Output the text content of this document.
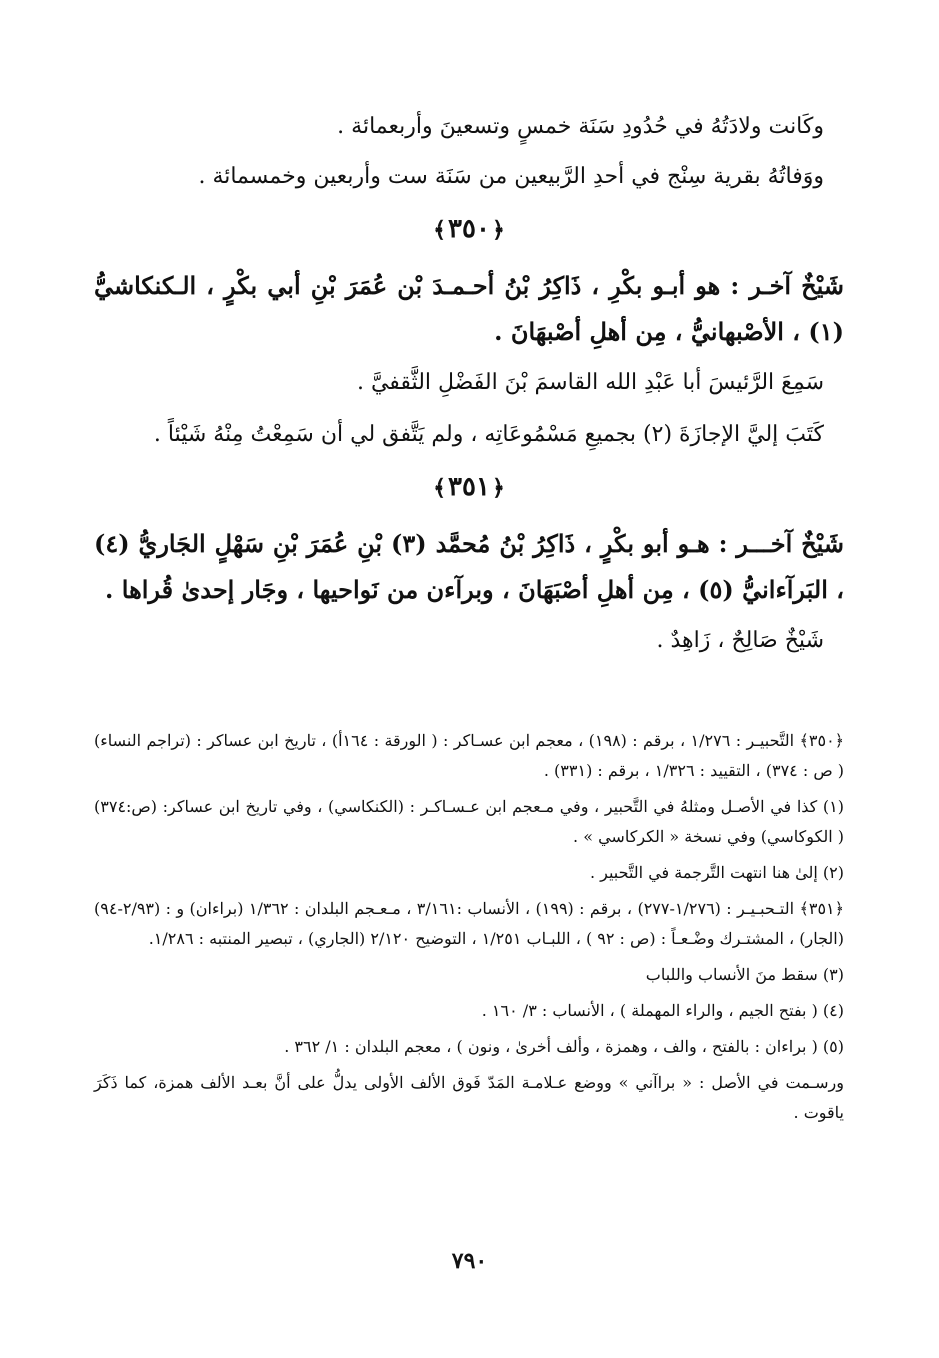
وكَانت ولادَتُهُ في حُدُودِ سَنَة خمسٍ وتسعينَ وأربعمائة .

ووَفاتُهُ بقرية سِنْج في أحدِ الرَّبيعين من سَنَة ست وأربعين وخمسمائة .

﴿٣٥٠﴾

شَيْخٌ آخـر : هو أبـو بكْرِ ، ذَاكِرُ بْنُ أحـمـدَ بْن عُمَرَ بْنِ أبي بكْرٍ ، الـكنكاشيُّ (١) ، الأصْبهانيُّ ، مِن أهلِ أصْبهَانَ .

سَمِعَ الرَّئيسَ أبا عَبْدِ الله القاسمَ بْنَ الفَضْلِ الثَّقفيَّ .

كَتَبَ إليَّ الإجازَةَ (٢) بجميعِ مَسْمُوعَاتِه ، ولم يَتَّفق لي أن سَمِعْتُ مِنْهُ شَيْئاً .

﴿٣٥١﴾

شَيْخٌ آخـــر : هـو أبو بكْرٍ ، ذَاكِرُ بْنُ مُحمَّد (٣) بْنِ عُمَرَ بْنِ سَهْلٍ الجَاريُّ (٤) ، البَرآءانيُّ (٥) ، مِن أهلِ أصْبَهَانَ ، وبرآءن من نَواحيها ، وجَار إحدىٰ قُراها .

شَيْخٌ صَالِحٌ ، زَاهِدٌ .

﴿٣٥٠﴾ التَّحبيـر : ١/٢٧٦ ، برقم : (١٩٨) ، معجم ابن عسـاكر : ( الورقة : ١٦٤أ) ، تاريخ ابن عساكر : (تراجم النساء) ( ص : ٣٧٤) ، التقييد : ١/٣٢٦ ، برقم : (٣٣١) .

(١) كذا في الأصـل ومثلهُ في التَّحبير ، وفي مـعجم ابن عـسـاكـر : (الكنكاسي) ، وفي تاريخ ابن عساكر: (ص:٣٧٤) ( الكوكاسي) وفي نسخة « الكركاسي » .

(٢) إلىٰ هنا انتهت التَّرجمة في التَّحبير .

﴿٣٥١﴾ التـحبـيـر : (١/٢٧٦-٢٧٧) ، برقم : (١٩٩) ، الأنساب :٣/١٦١ ، مـعـجم البلدان : ١/٣٦٢ (براءان) و : (٢/٩٣-٩٤) (الجار) ، المشتـرك وضْـعـاً : (ص : ٩٢ ) ، اللبـاب ١/٢٥١ ، التوضيح ٢/١٢٠ (الجاري) ، تبصير المنتبه : ١/٢٨٦.

(٣) سقط منَ الأنساب واللباب

(٤) ( بفتح الجيم ، والراء المهملة ) ، الأنساب : ٣/ ١٦٠ .

(٥) ( براءان : بالفتح ، والف ، وهمزة ، وألف أخرىٰ ، ونون ) ، معجم البلدان : ١/ ٣٦٢ .

ورسـمت في الأصل : « براآني » ووضع عـلامـة المَدّ فَوق الألف الأولى يدلُّ على أنَّ بعـد الألف همزة، كما ذَكَرَ ياقوت .

٧٩٠
